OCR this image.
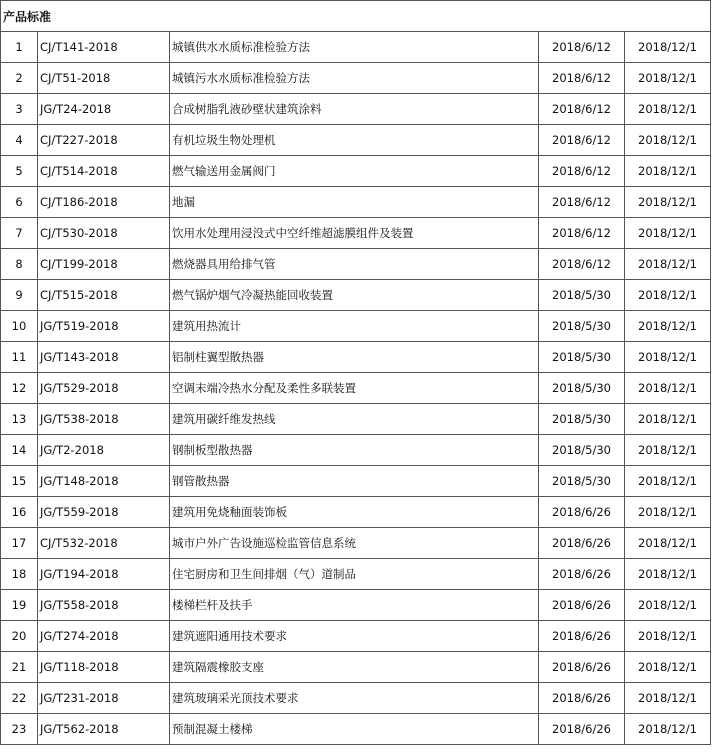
产品标准				
1	CJ/T141-2018	城镇供水水质标准检验方法	2018/6/12	2018/12/1
2	CJ/T51-2018	城镇污水水质标准检验方法	2018/6/12	2018/12/1
3	JG/T24-2018	合成树脂乳液砂壁状建筑涂料	2018/6/12	2018/12/1
4	CJ/T227-2018	有机垃圾生物处理机	2018/6/12	2018/12/1
5	CJ/T514-2018	燃气输送用金属阀门	2018/6/12	2018/12/1
6	CJ/T186-2018	地漏	2018/6/12	2018/12/1
7	CJ/T530-2018	饮用水处理用浸没式中空纤维超滤膜组件及装置	2018/6/12	2018/12/1
8	CJ/T199-2018	燃烧器具用给排气管	2018/6/12	2018/12/1
9	CJ/T515-2018	燃气锅炉烟气冷凝热能回收装置	2018/5/30	2018/12/1
10	JG/T519-2018	建筑用热流计	2018/5/30	2018/12/1
11	JG/T143-2018	铝制柱翼型散热器	2018/5/30	2018/12/1
12	JG/T529-2018	空调末端冷热水分配及柔性多联装置	2018/5/30	2018/12/1
13	JG/T538-2018	建筑用碳纤维发热线	2018/5/30	2018/12/1
14	JG/T2-2018	钢制板型散热器	2018/5/30	2018/12/1
15	JG/T148-2018	钢管散热器	2018/5/30	2018/12/1
16	JG/T559-2018	建筑用免烧釉面装饰板	2018/6/26	2018/12/1
17	CJ/T532-2018	城市户外广告设施巡检监管信息系统	2018/6/26	2018/12/1
18	JG/T194-2018	住宅厨房和卫生间排烟（气）道制品	2018/6/26	2018/12/1
19	JG/T558-2018	楼梯栏杆及扶手	2018/6/26	2018/12/1
20	JG/T274-2018	建筑遮阳通用技术要求	2018/6/26	2018/12/1
21	JG/T118-2018	建筑隔震橡胶支座	2018/6/26	2018/12/1
22	JG/T231-2018	建筑玻璃采光顶技术要求	2018/6/26	2018/12/1
23	JG/T562-2018	预制混凝土楼梯	2018/6/26	2018/12/1
